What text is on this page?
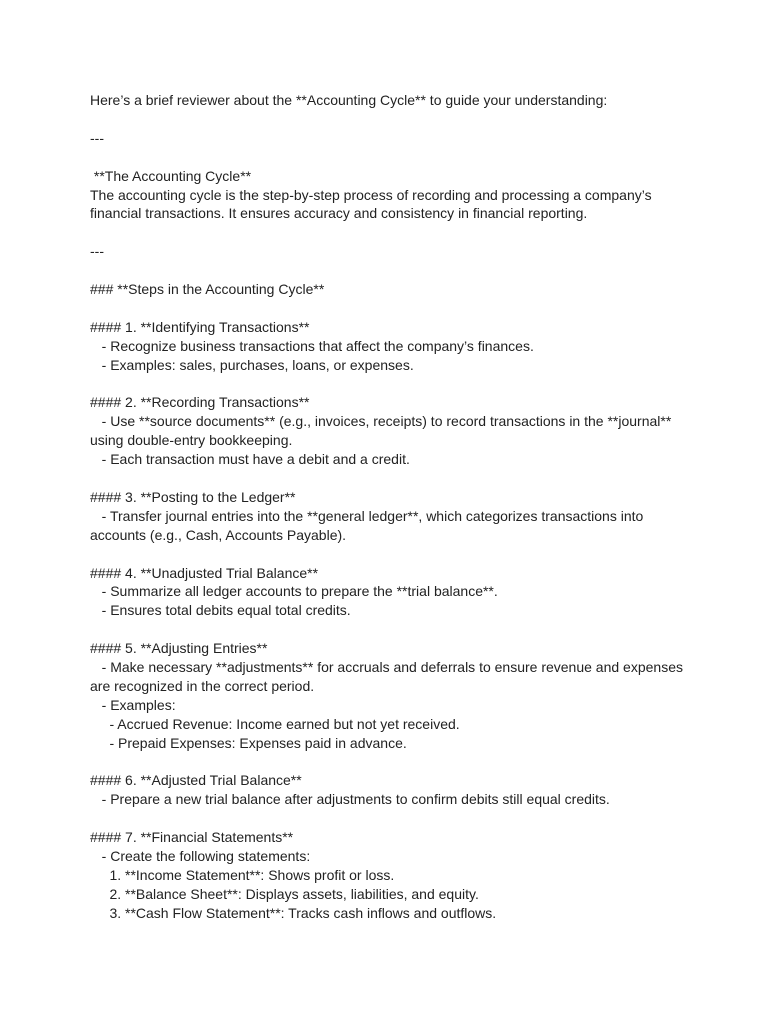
Here’s a brief reviewer about the **Accounting Cycle** to guide your understanding:
---
**The Accounting Cycle**
The accounting cycle is the step-by-step process of recording and processing a company’s
financial transactions. It ensures accuracy and consistency in financial reporting.
---
### **Steps in the Accounting Cycle**
#### 1. **Identifying Transactions**
- Recognize business transactions that affect the company’s finances.
- Examples: sales, purchases, loans, or expenses.
#### 2. **Recording Transactions**
- Use **source documents** (e.g., invoices, receipts) to record transactions in the **journal**
using double-entry bookkeeping.
- Each transaction must have a debit and a credit.
#### 3. **Posting to the Ledger**
- Transfer journal entries into the **general ledger**, which categorizes transactions into
accounts (e.g., Cash, Accounts Payable).
#### 4. **Unadjusted Trial Balance**
- Summarize all ledger accounts to prepare the **trial balance**.
- Ensures total debits equal total credits.
#### 5. **Adjusting Entries**
- Make necessary **adjustments** for accruals and deferrals to ensure revenue and expenses
are recognized in the correct period.
- Examples:
- Accrued Revenue: Income earned but not yet received.
- Prepaid Expenses: Expenses paid in advance.
#### 6. **Adjusted Trial Balance**
- Prepare a new trial balance after adjustments to confirm debits still equal credits.
#### 7. **Financial Statements**
- Create the following statements:
1. **Income Statement**: Shows profit or loss.
2. **Balance Sheet**: Displays assets, liabilities, and equity.
3. **Cash Flow Statement**: Tracks cash inflows and outflows.
